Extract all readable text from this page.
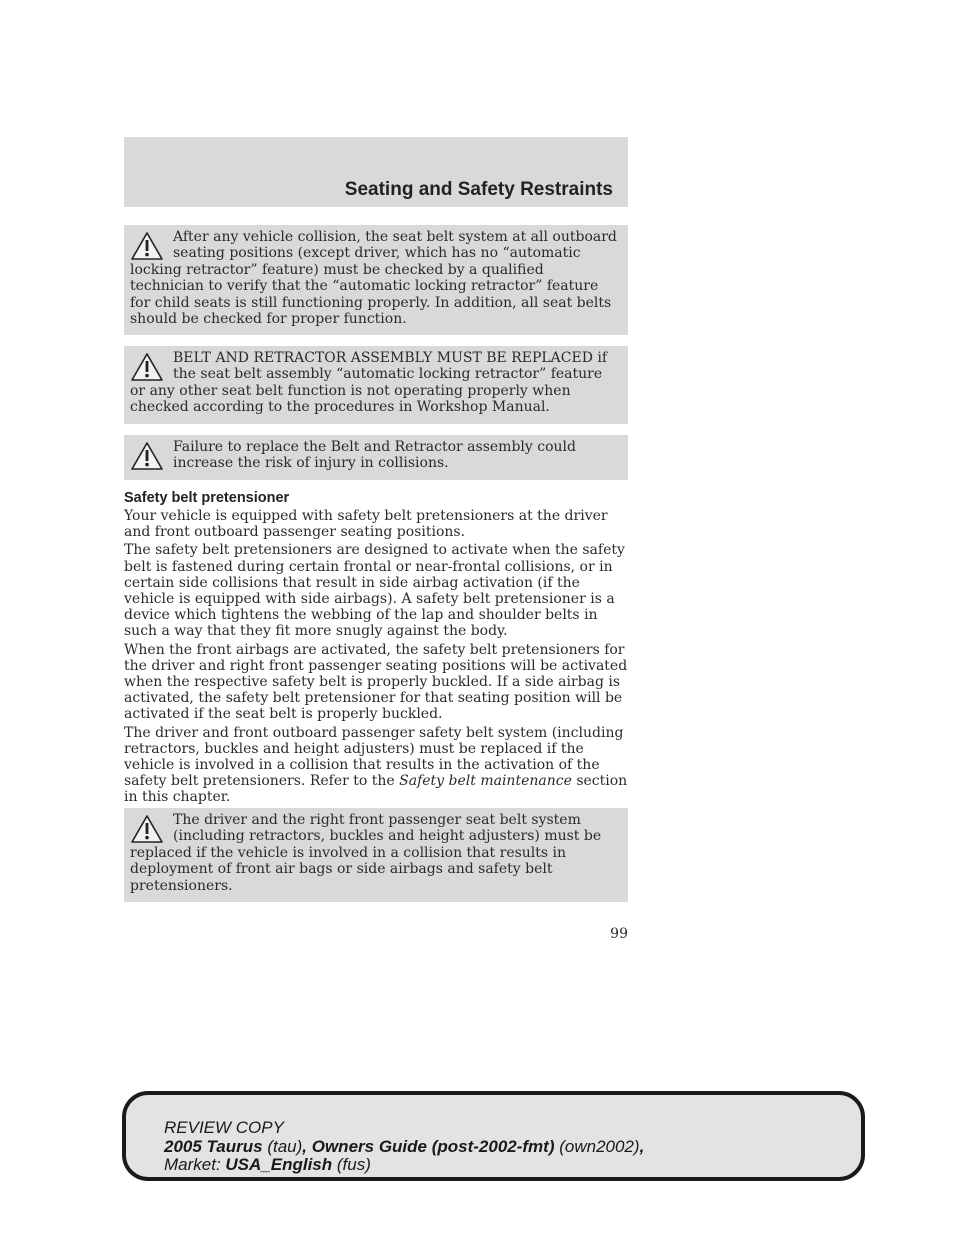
Seating and Safety Restraints

After any vehicle collision, the seat belt system at all outboard seating positions (except driver, which has no “automatic locking retractor” feature) must be checked by a qualified technician to verify that the “automatic locking retractor” feature for child seats is still functioning properly. In addition, all seat belts should be checked for proper function.

BELT AND RETRACTOR ASSEMBLY MUST BE REPLACED if the seat belt assembly “automatic locking retractor” feature or any other seat belt function is not operating properly when checked according to the procedures in Workshop Manual.

Failure to replace the Belt and Retractor assembly could increase the risk of injury in collisions.

Safety belt pretensioner

Your vehicle is equipped with safety belt pretensioners at the driver and front outboard passenger seating positions.

The safety belt pretensioners are designed to activate when the safety belt is fastened during certain frontal or near-frontal collisions, or in certain side collisions that result in side airbag activation (if the vehicle is equipped with side airbags). A safety belt pretensioner is a device which tightens the webbing of the lap and shoulder belts in such a way that they fit more snugly against the body.

When the front airbags are activated, the safety belt pretensioners for the driver and right front passenger seating positions will be activated when the respective safety belt is properly buckled. If a side airbag is activated, the safety belt pretensioner for that seating position will be activated if the seat belt is properly buckled.

The driver and front outboard passenger safety belt system (including retractors, buckles and height adjusters) must be replaced if the vehicle is involved in a collision that results in the activation of the safety belt pretensioners. Refer to the Safety belt maintenance section in this chapter.

The driver and the right front passenger seat belt system (including retractors, buckles and height adjusters) must be replaced if the vehicle is involved in a collision that results in deployment of front air bags or side airbags and safety belt pretensioners.

99
REVIEW COPY
2005 Taurus (tau), Owners Guide (post-2002-fmt) (own2002),
Market: USA_English (fus)
